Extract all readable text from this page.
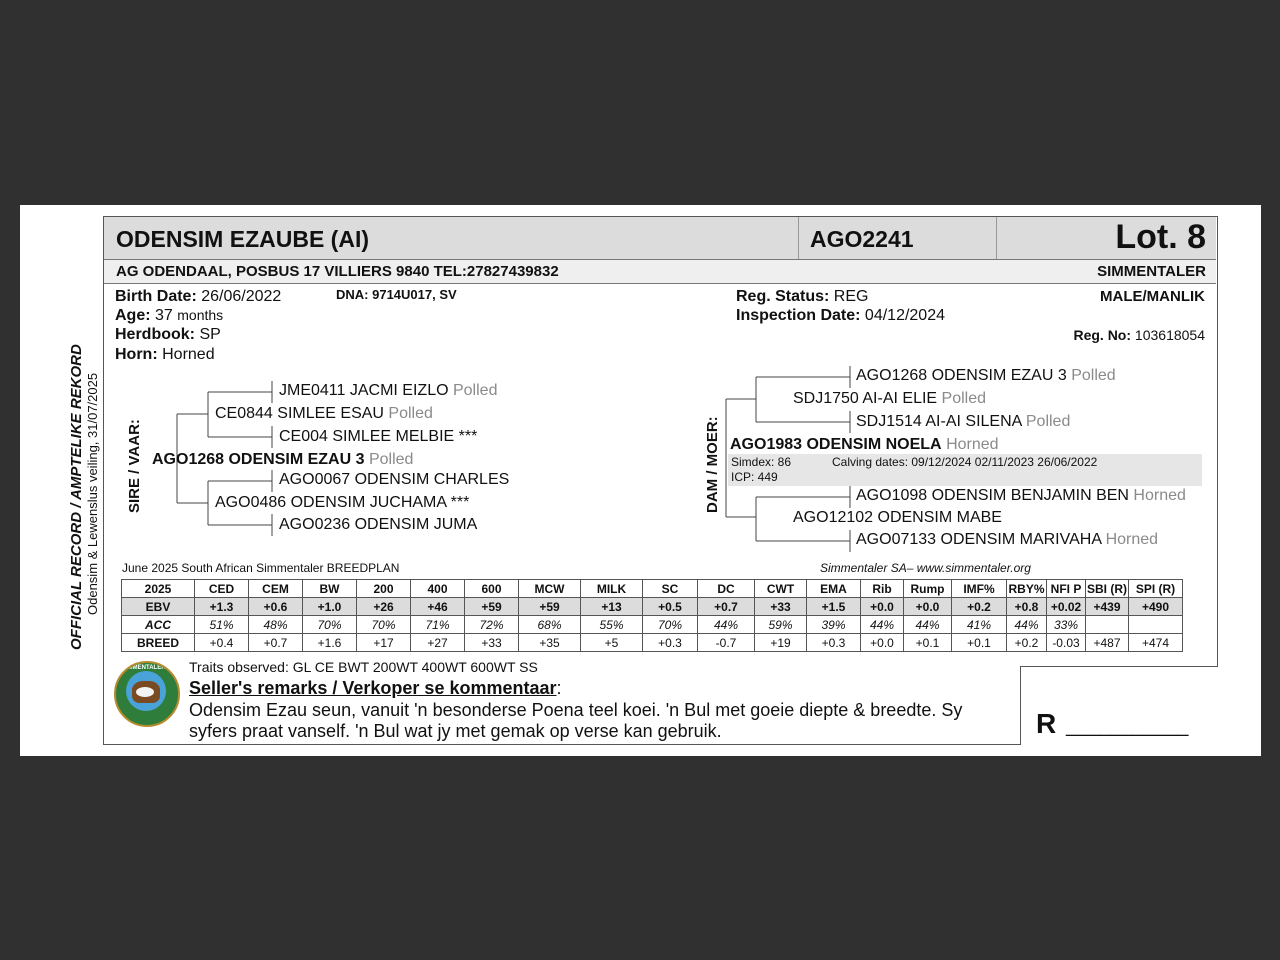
OFFICIAL RECORD / AMPTELIKE REKORD Odensim & Lewenslus veiling, 31/07/2025
ODENSIM EZAUBE (AI)	AGO2241	Lot. 8
AG ODENDAAL, POSBUS 17 VILLIERS 9840 TEL:27827439832	SIMMENTALER
Birth Date: 26/06/2022	DNA: 9714U017, SV
Age: 37 months
Herdbook: SP
Horn: Horned
Reg. Status: REG
Inspection Date: 04/12/2024
MALE/MANLIK
Reg. No: 103618054
SIRE / VAAR:
JME0411 JACMI EIZLO Polled
CE0844 SIMLEE ESAU Polled
CE004 SIMLEE MELBIE ***
AGO1268 ODENSIM EZAU 3 Polled
AGO0067 ODENSIM CHARLES
AGO0486 ODENSIM JUCHAMA ***
AGO0236 ODENSIM JUMA
DAM / MOER:
AGO1268 ODENSIM EZAU 3 Polled
SDJ1750 AI-AI ELIE Polled
SDJ1514 AI-AI SILENA Polled
AGO1983 ODENSIM NOELA Horned
Simdex: 86	Calving dates: 09/12/2024 02/11/2023 26/06/2022
ICP: 449
AGO1098 ODENSIM BENJAMIN BEN Horned
AGO12102 ODENSIM MABE
AGO07133 ODENSIM MARIVAHA Horned
June 2025 South African Simmentaler BREEDPLAN	Simmentaler SA– www.simmentaler.org
2025	CED	CEM	BW	200	400	600	MCW	MILK	SC	DC	CWT	EMA	Rib	Rump	IMF%	RBY%	NFI P	SBI (R)	SPI (R)
EBV	+1.3	+0.6	+1.0	+26	+46	+59	+59	+13	+0.5	+0.7	+33	+1.5	+0.0	+0.0	+0.2	+0.8	+0.02	+439	+490
ACC	51%	48%	70%	70%	71%	72%	68%	55%	70%	44%	59%	39%	44%	44%	41%	44%	33%		
BREED	+0.4	+0.7	+1.6	+17	+27	+33	+35	+5	+0.3	-0.7	+19	+0.3	+0.0	+0.1	+0.1	+0.2	-0.03	+487	+474
R ___________
SIMMENTALER Traits observed: GL CE BWT 200WT 400WT 600WT SS
Seller's remarks / Verkoper se kommentaar:
Odensim Ezau seun, vanuit 'n besonderse Poena teel koei. 'n Bul met goeie diepte & breedte. Sy
syfers praat vanself. 'n Bul wat jy met gemak op verse kan gebruik.
